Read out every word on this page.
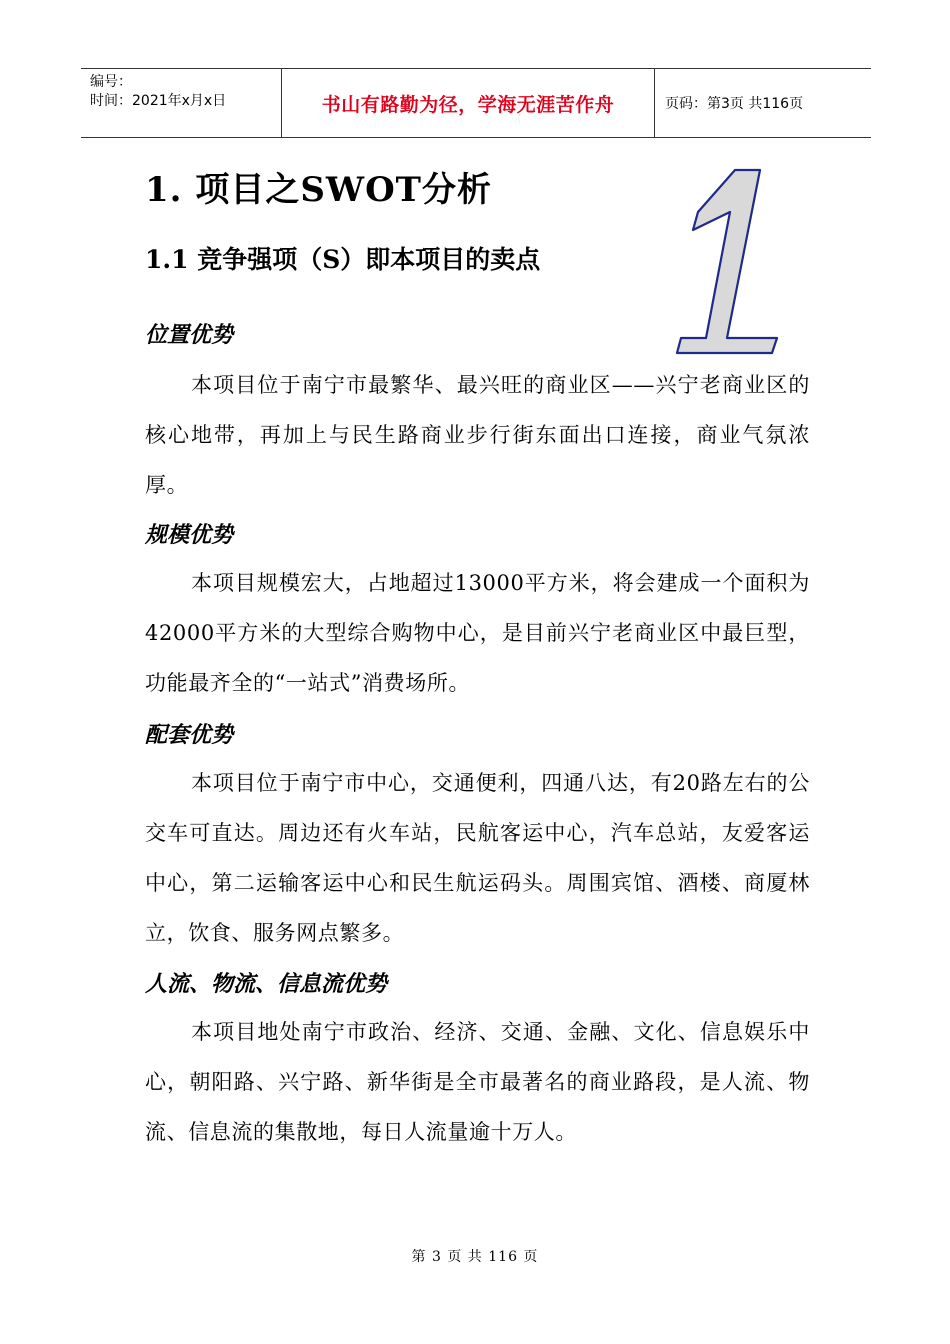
编号：
时间：2021年x月x日	书山有路勤为径，学海无涯苦作舟	页码：第3页 共116页
1. 项目之SWOT分析
1.1 竞争强项（S）即本项目的卖点
位置优势
本项目位于南宁市最繁华、最兴旺的商业区——兴宁老商业区的核心地带，再加上与民生路商业步行街东面出口连接，商业气氛浓厚。
规模优势
本项目规模宏大，占地超过13000平方米，将会建成一个面积为42000平方米的大型综合购物中心，是目前兴宁老商业区中最巨型，功能最齐全的“一站式”消费场所。
配套优势
本项目位于南宁市中心，交通便利，四通八达，有20路左右的公交车可直达。周边还有火车站，民航客运中心，汽车总站，友爱客运中心，第二运输客运中心和民生航运码头。周围宾馆、酒楼、商厦林立，饮食、服务网点繁多。
人流、物流、信息流优势
本项目地处南宁市政治、经济、交通、金融、文化、信息娱乐中心，朝阳路、兴宁路、新华街是全市最著名的商业路段，是人流、物流、信息流的集散地，每日人流量逾十万人。
第 3 页 共 116 页
